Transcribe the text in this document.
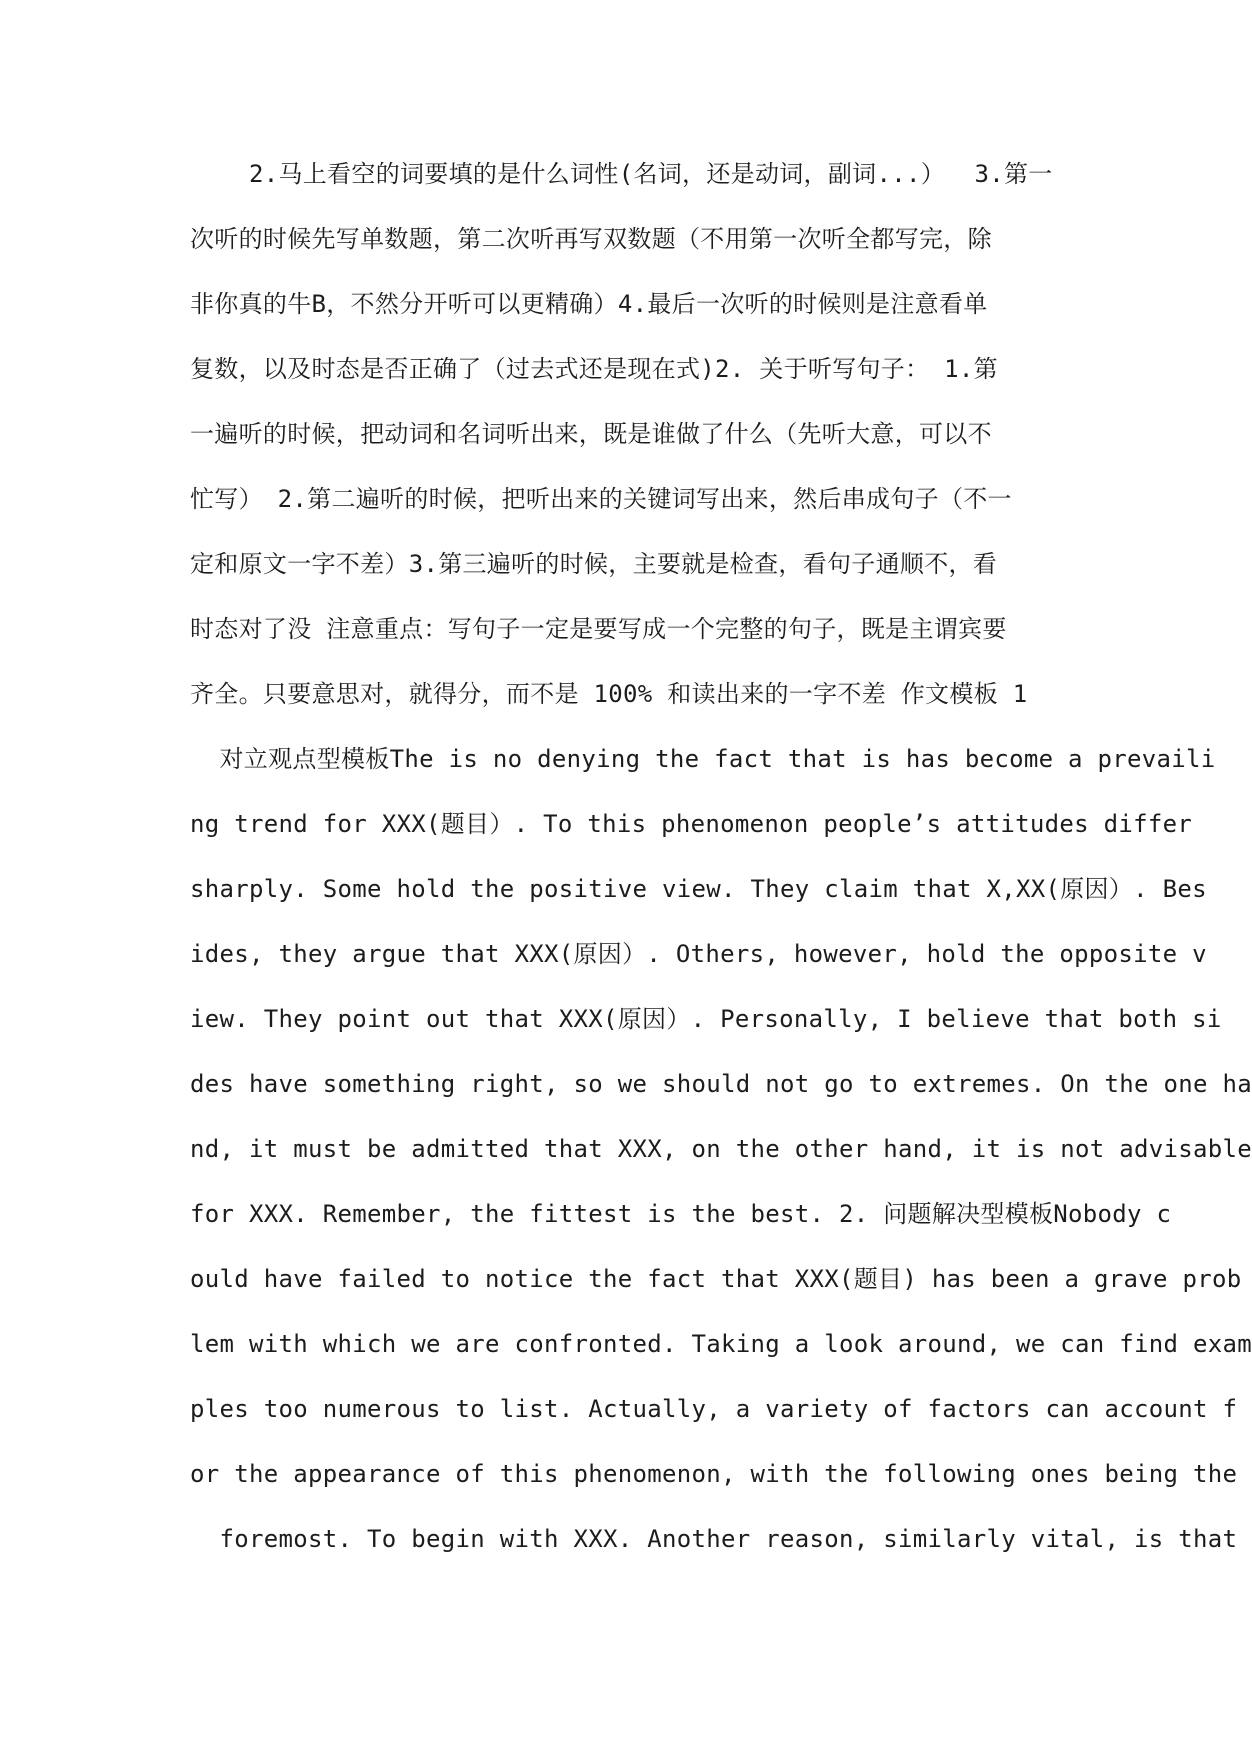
2.马上看空的词要填的是什么词性(名词，还是动词，副词...）  3.第一
次听的时候先写单数题，第二次听再写双数题（不用第一次听全都写完，除
非你真的牛B，不然分开听可以更精确）4.最后一次听的时候则是注意看单
复数，以及时态是否正确了（过去式还是现在式)2. 关于听写句子： 1.第
一遍听的时候，把动词和名词听出来，既是谁做了什么（先听大意，可以不
忙写） 2.第二遍听的时候，把听出来的关键词写出来，然后串成句子（不一
定和原文一字不差）3.第三遍听的时候，主要就是检查，看句子通顺不，看
时态对了没 注意重点：写句子一定是要写成一个完整的句子，既是主谓宾要
齐全。只要意思对，就得分，而不是 100% 和读出来的一字不差 作文模板 1
对立观点型模板The is no denying the fact that is has become a prevaili
ng trend for XXX(题目）. To this phenomenon people’s attitudes differ
sharply. Some hold the positive view. They claim that X,XX(原因）. Bes
ides, they argue that XXX(原因）. Others, however, hold the opposite v
iew. They point out that XXX(原因）. Personally, I believe that both si
des have something right, so we should not go to extremes. On the one ha
nd, it must be admitted that XXX, on the other hand, it is not advisable
for XXX. Remember, the fittest is the best. 2. 问题解决型模板Nobody c
ould have failed to notice the fact that XXX(题目) has been a grave prob
lem with which we are confronted. Taking a look around, we can find exam
ples too numerous to list. Actually, a variety of factors can account f
or the appearance of this phenomenon, with the following ones being the
foremost. To begin with XXX. Another reason, similarly vital, is that
